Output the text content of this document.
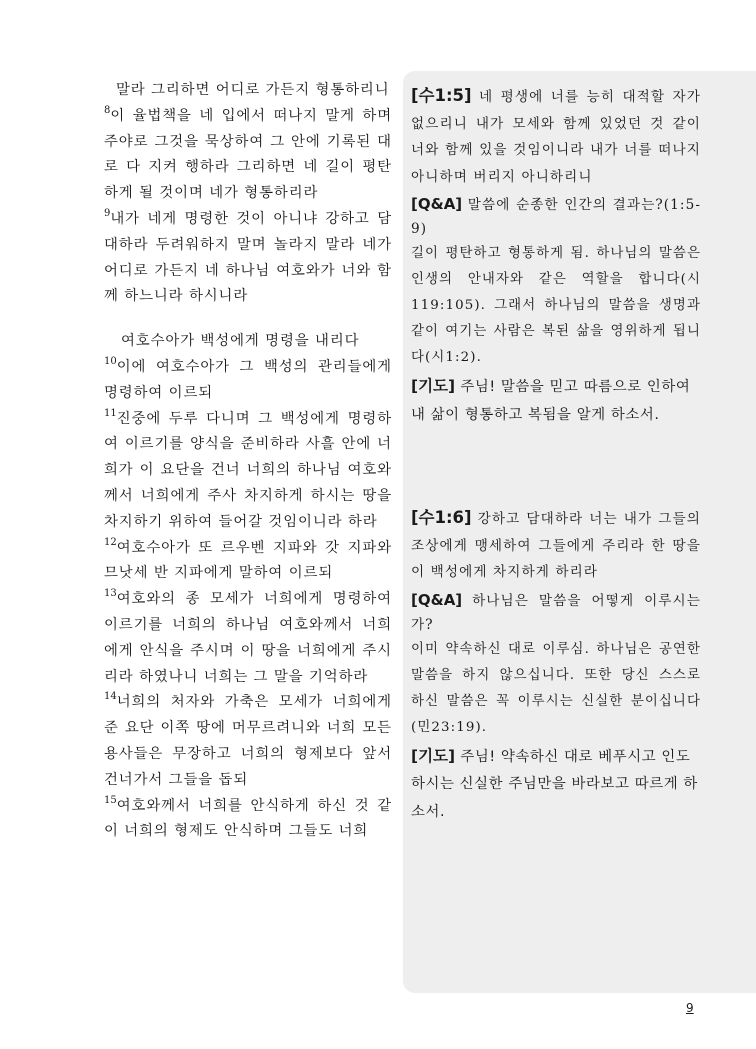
말라 그리하면 어디로 가든지 형통하리니

$^8$이 율법책을 네 입에서 떠나지 말게 하며 주야로 그것을 묵상하여 그 안에 기록된 대로 다 지켜 행하라 그리하면 네 길이 평탄하게 될 것이며 네가 형통하리라

$^9$내가 네게 명령한 것이 아니냐 강하고 담대하라 두려워하지 말며 놀라지 말라 네가 어디로 가든지 네 하나님 여호와가 너와 함께 하느니라 하시니라

여호수아가 백성에게 명령을 내리다

$^{10}$이에 여호수아가 그 백성의 관리들에게 명령하여 이르되

$^{11}$진중에 두루 다니며 그 백성에게 명령하여 이르기를 양식을 준비하라 사흘 안에 너희가 이 요단을 건너 너희의 하나님 여호와께서 너희에게 주사 차지하게 하시는 땅을 차지하기 위하여 들어갈 것임이니라 하라

$^{12}$여호수아가 또 르우벤 지파와 갓 지파와 므낫세 반 지파에게 말하여 이르되

$^{13}$여호와의 종 모세가 너희에게 명령하여 이르기를 너희의 하나님 여호와께서 너희에게 안식을 주시며 이 땅을 너희에게 주시리라 하였나니 너희는 그 말을 기억하라

$^{14}$너희의 처자와 가축은 모세가 너희에게 준 요단 이쪽 땅에 머무르려니와 너희 모든 용사들은 무장하고 너희의 형제보다 앞서 건너가서 그들을 돕되

$^{15}$여호와께서 너희를 안식하게 하신 것 같이 너희의 형제도 안식하며 그들도 너희

[수1:5] 네 평생에 너를 능히 대적할 자가 없으리니 내가 모세와 함께 있었던 것 같이 너와 함께 있을 것임이니라 내가 너를 떠나지 아니하며 버리지 아니하리니

[Q&A] 말씀에 순종한 인간의 결과는?(1:5-9)

길이 평탄하고 형통하게 됨. 하나님의 말씀은 인생의 안내자와 같은 역할을 합니다(시 119:105). 그래서 하나님의 말씀을 생명과 같이 여기는 사람은 복된 삶을 영위하게 됩니다(시1:2).

[기도] 주님! 말씀을 믿고 따름으로 인하여 내 삶이 형통하고 복됨을 알게 하소서.

[수1:6] 강하고 담대하라 너는 내가 그들의 조상에게 맹세하여 그들에게 주리라 한 땅을 이 백성에게 차지하게 하리라

[Q&A] 하나님은 말씀을 어떻게 이루시는가?

이미 약속하신 대로 이루심. 하나님은 공연한 말씀을 하지 않으십니다. 또한 당신 스스로 하신 말씀은 꼭 이루시는 신실한 분이십니다(민23:19).

[기도] 주님! 약속하신 대로 베푸시고 인도하시는 신실한 주님만을 바라보고 따르게 하소서.

9
